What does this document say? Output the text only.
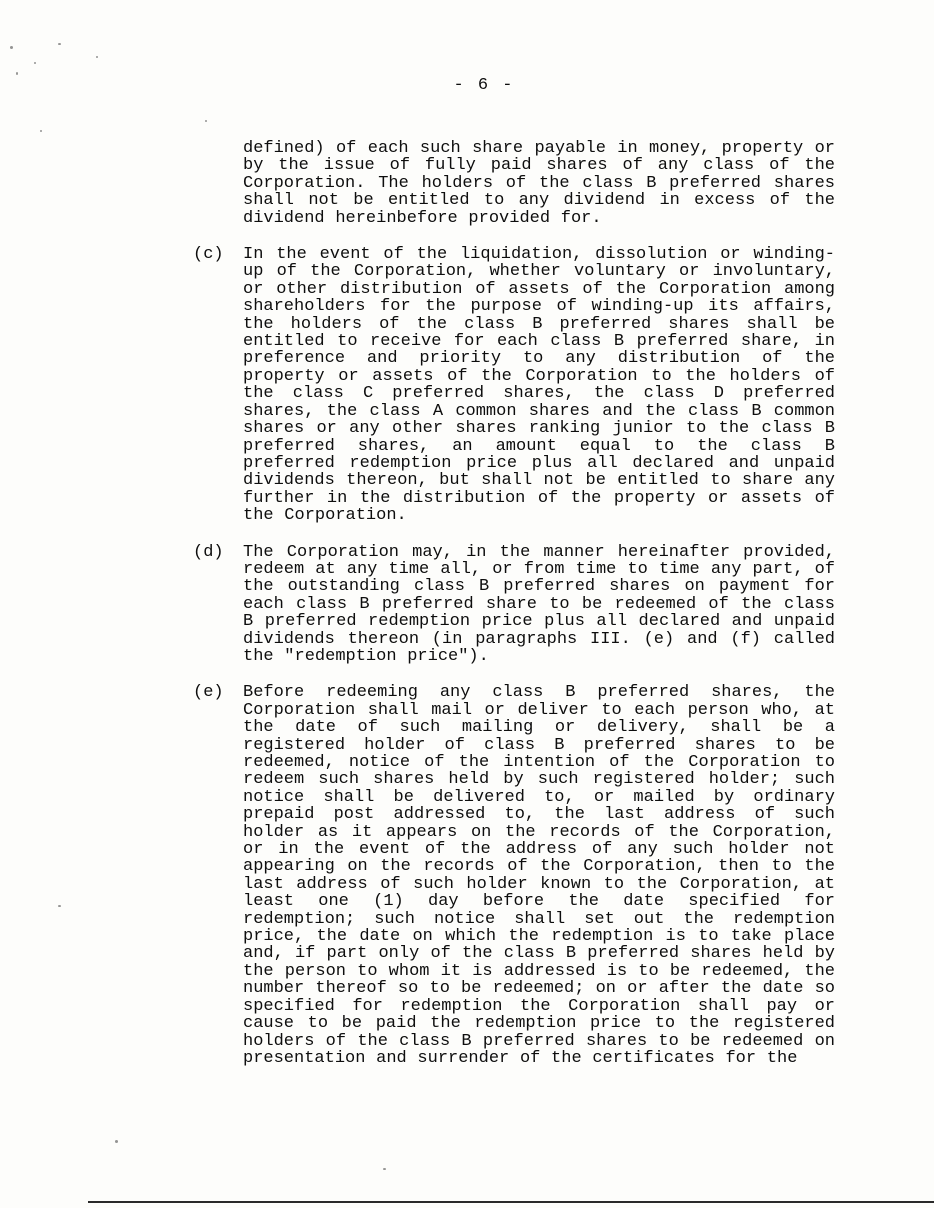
- 6 -
defined) of each such share payable in money, property or by the issue of fully paid shares of any class of the Corporation. The holders of the class B preferred shares shall not be entitled to any dividend in excess of the dividend hereinbefore provided for.
(c)	In the event of the liquidation, dissolution or winding-up of the Corporation, whether voluntary or involuntary, or other distribution of assets of the Corporation among shareholders for the purpose of winding-up its affairs, the holders of the class B preferred shares shall be entitled to receive for each class B preferred share, in preference and priority to any distribution of the property or assets of the Corporation to the holders of the class C preferred shares, the class D preferred shares, the class A common shares and the class B common shares or any other shares ranking junior to the class B preferred shares, an amount equal to the class B preferred redemption price plus all declared and unpaid dividends thereon, but shall not be entitled to share any further in the distribution of the property or assets of the Corporation.
(d)	The Corporation may, in the manner hereinafter provided, redeem at any time all, or from time to time any part, of the outstanding class B preferred shares on payment for each class B preferred share to be redeemed of the class B preferred redemption price plus all declared and unpaid dividends thereon (in paragraphs III. (e) and (f) called the "redemption price").
(e)	Before redeeming any class B preferred shares, the Corporation shall mail or deliver to each person who, at the date of such mailing or delivery, shall be a registered holder of class B preferred shares to be redeemed, notice of the intention of the Corporation to redeem such shares held by such registered holder; such notice shall be delivered to, or mailed by ordinary prepaid post addressed to, the last address of such holder as it appears on the records of the Corporation, or in the event of the address of any such holder not appearing on the records of the Corporation, then to the last address of such holder known to the Corporation, at least one (1) day before the date specified for redemption; such notice shall set out the redemption price, the date on which the redemption is to take place and, if part only of the class B preferred shares held by the person to whom it is addressed is to be redeemed, the number thereof so to be redeemed; on or after the date so specified for redemption the Corporation shall pay or cause to be paid the redemption price to the registered holders of the class B preferred shares to be redeemed on presentation and surrender of the certificates for the
